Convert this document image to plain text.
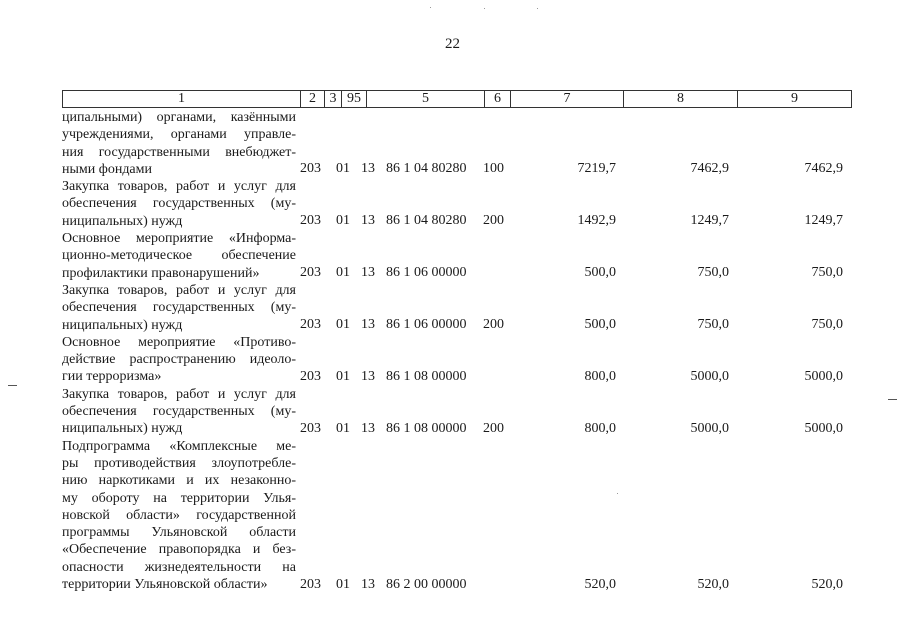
22
1	2 3 95	5	6	7	8	9
ципальными) органами, казёнными
учреждениями, органами управле-
ния государственными внебюджет-
ными фондами	203 01 13 86 1 04 80280 100	7219,7	7462,9	7462,9
Закупка товаров, работ и услуг для
обеспечения государственных (му-
ниципальных) нужд	203 01 13 86 1 04 80280 200	1492,9	1249,7	1249,7
Основное мероприятие «Информа-
ционно-методическое обеспечение
профилактики правонарушений»	203 01 13 86 1 06 00000	500,0	750,0	750,0
Закупка товаров, работ и услуг для
обеспечения государственных (му-
ниципальных) нужд	203 01 13 86 1 06 00000 200	500,0	750,0	750,0
Основное мероприятие «Противо-
действие распространению идеоло-
гии терроризма»	203 01 13 86 1 08 00000	800,0	5000,0	5000,0
Закупка товаров, работ и услуг для
обеспечения государственных (му-
ниципальных) нужд	203 01 13 86 1 08 00000 200	800,0	5000,0	5000,0
Подпрограмма «Комплексные ме-
ры противодействия злоупотребле-
нию наркотиками и их незаконно-
му обороту на территории Улья-
новской области» государственной
программы Ульяновской области
«Обеспечение правопорядка и без-
опасности жизнедеятельности на
территории Ульяновской области»	203 01 13 86 2 00 00000	520,0	520,0	520,0
